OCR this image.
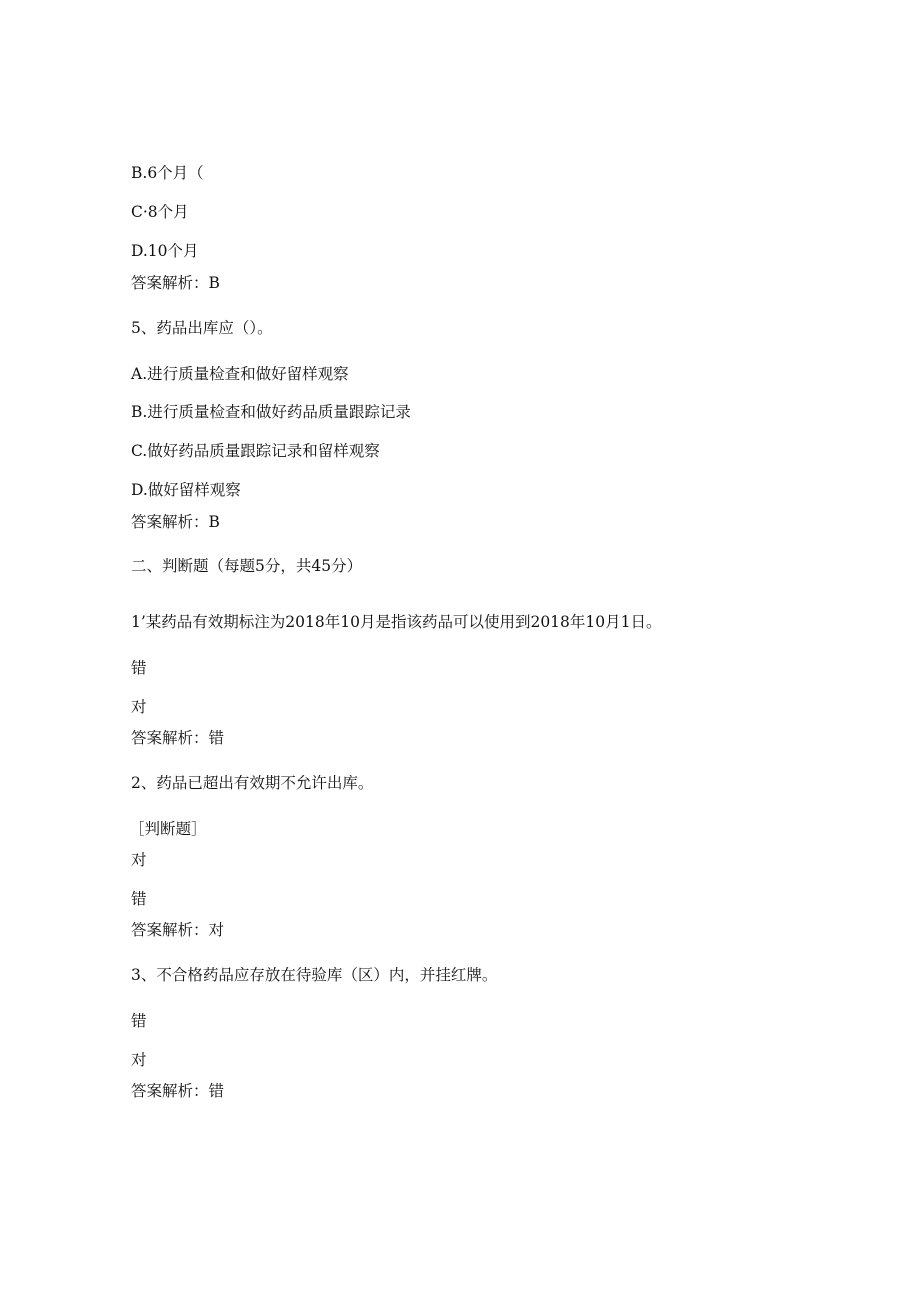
B.6个月（
C·8个月
D.10个月
答案解析：B
5、药品出库应（）。
A.进行质量检查和做好留样观察
B.进行质量检查和做好药品质量跟踪记录
C.做好药品质量跟踪记录和留样观察
D.做好留样观察
答案解析：B
二、判断题（每题5分，共45分）
1’某药品有效期标注为2018年10月是指该药品可以使用到2018年10月1日。
错
对
答案解析：错
2、药品已超出有效期不允许出库。
［判断题］
对
错
答案解析：对
3、不合格药品应存放在待验库（区）内，并挂红牌。
错
对
答案解析：错
